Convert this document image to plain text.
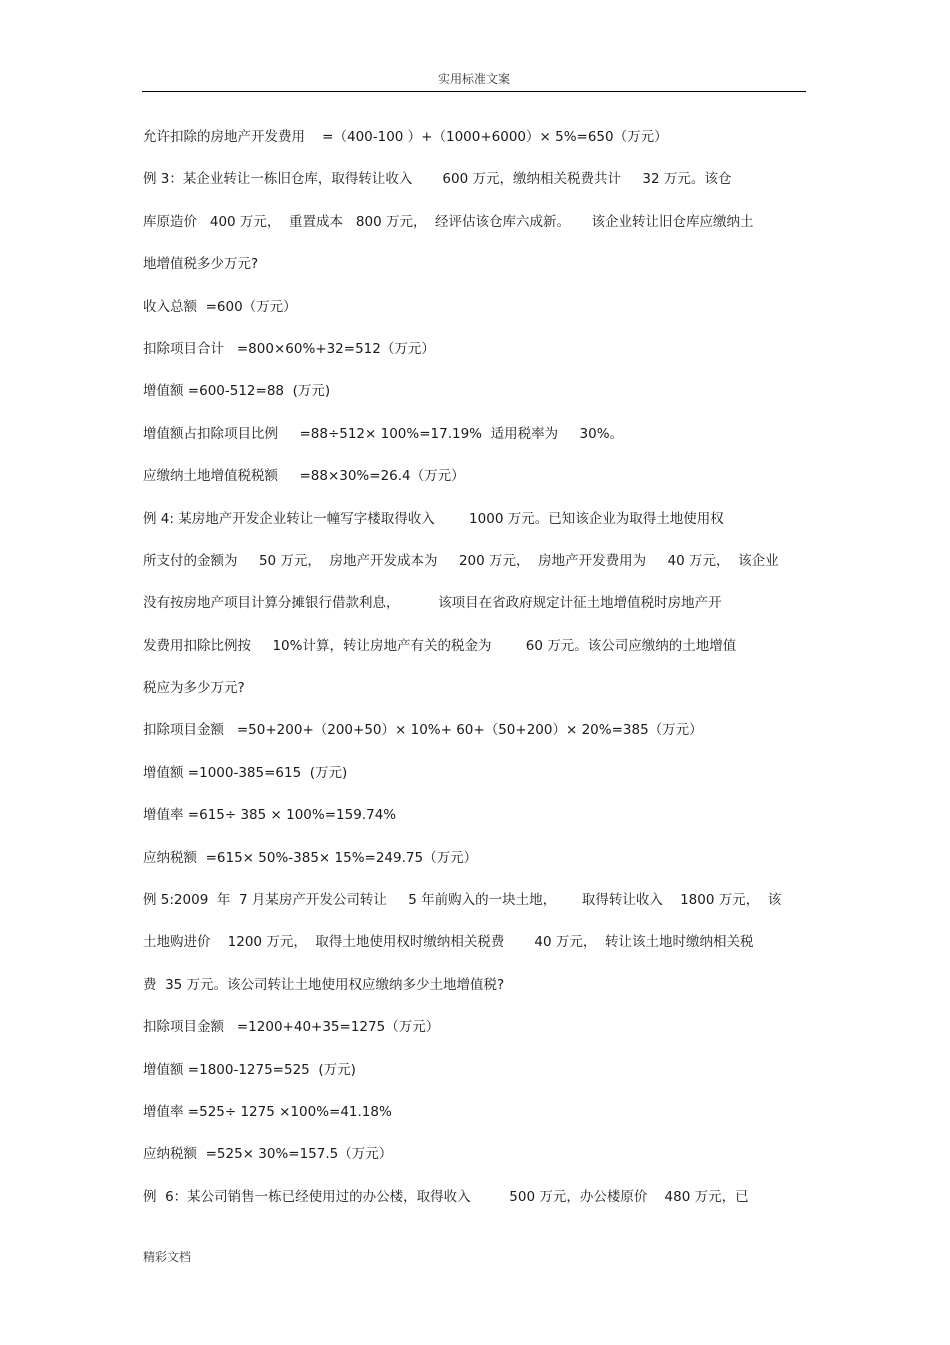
实用标准文案
允许扣除的房地产开发费用    =（400-100 ）+（1000+6000）× 5%=650（万元）
例 3：某企业转让一栋旧仓库，取得转让收入       600 万元，缴纳相关税费共计     32 万元。该仓
库原造价   400 万元，  重置成本   800 万元，  经评估该仓库六成新。     该企业转让旧仓库应缴纳土
地增值税多少万元?
收入总额  =600（万元）
扣除项目合计   =800×60%+32=512（万元）
增值额 =600-512=88  (万元)
增值额占扣除项目比例     =88÷512× 100%=17.19%  适用税率为     30%。
应缴纳土地增值税税额     =88×30%=26.4（万元）
例 4: 某房地产开发企业转让一幢写字楼取得收入        1000 万元。已知该企业为取得土地使用权
所支付的金额为     50 万元，  房地产开发成本为     200 万元，  房地产开发费用为     40 万元，  该企业
没有按房地产项目计算分摊银行借款利息，         该项目在省政府规定计征土地增值税时房地产开
发费用扣除比例按     10%计算，转让房地产有关的税金为        60 万元。该公司应缴纳的土地增值
税应为多少万元?
扣除项目金额   =50+200+（200+50）× 10%+ 60+（50+200）× 20%=385（万元）
增值额 =1000-385=615  (万元)
增值率 =615÷ 385 × 100%=159.74%
应纳税额  =615× 50%-385× 15%=249.75（万元）
例 5:2009  年  7 月某房产开发公司转让     5 年前购入的一块土地，      取得转让收入    1800 万元，  该
土地购进价    1200 万元，  取得土地使用权时缴纳相关税费       40 万元，  转让该土地时缴纳相关税
费  35 万元。该公司转让土地使用权应缴纳多少土地增值税?
扣除项目金额   =1200+40+35=1275（万元）
增值额 =1800-1275=525  (万元)
增值率 =525÷ 1275 ×100%=41.18%
应纳税额  =525× 30%=157.5（万元）
例  6：某公司销售一栋已经使用过的办公楼，取得收入         500 万元，办公楼原价    480 万元，已
精彩文档
